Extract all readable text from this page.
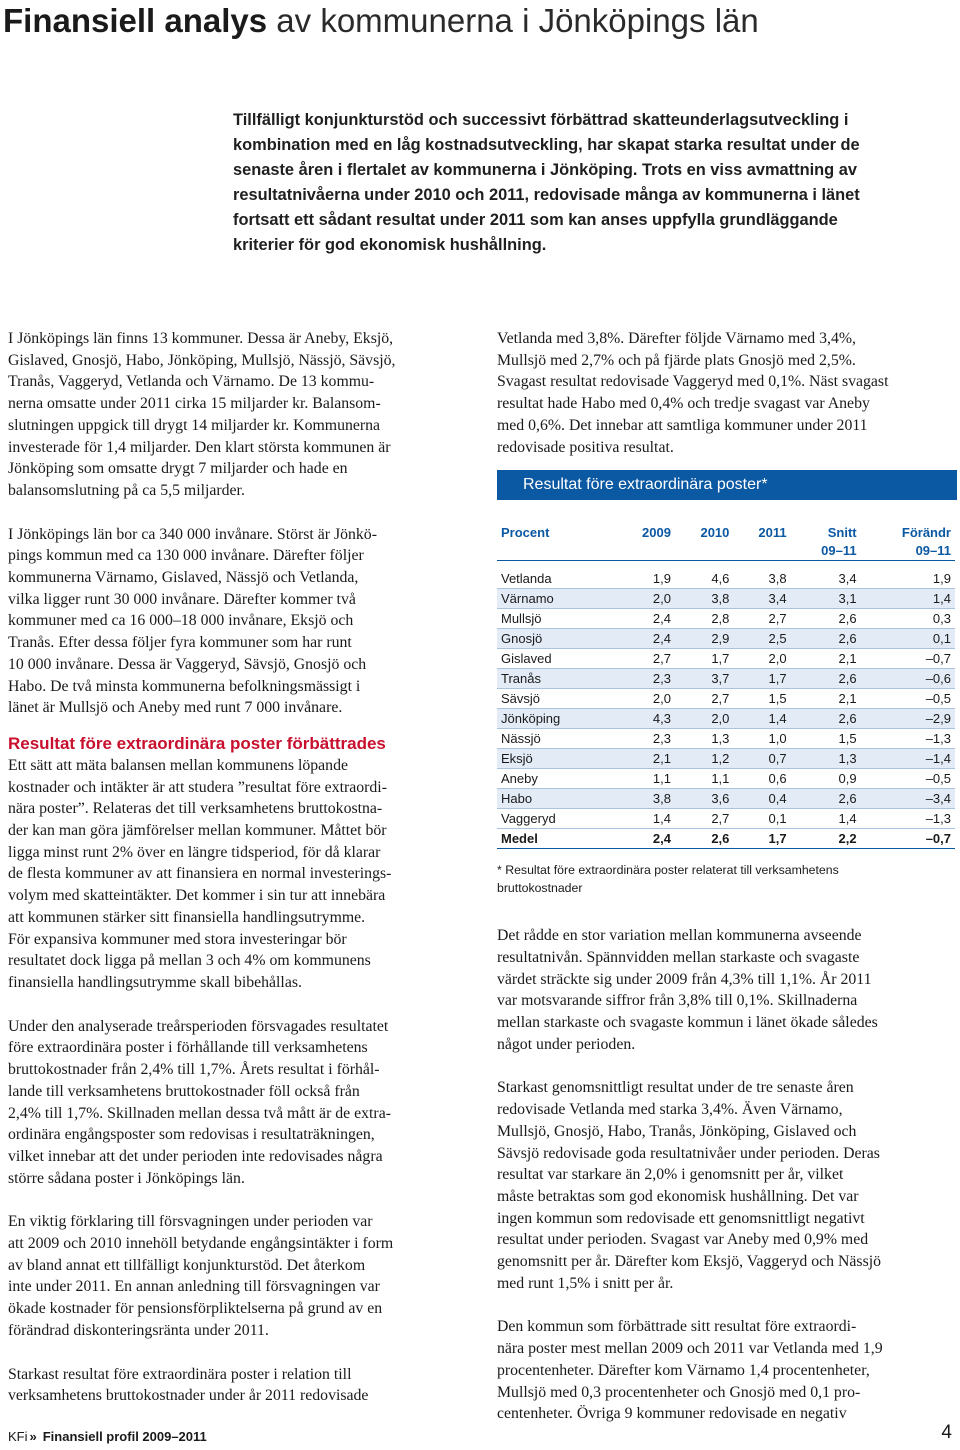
Finansiell analys av kommunerna i Jönköpings län

Tillfälligt konjunkturstöd och successivt förbättrad skatteunderlagsutveckling i
kombination med en låg kostnadsutveckling, har skapat starka resultat under de
senaste åren i flertalet av kommunerna i Jönköping. Trots en viss avmattning av
resultatnivåerna under 2010 och 2011, redovisade många av kommunerna i länet
fortsatt ett sådant resultat under 2011 som kan anses uppfylla grundläggande
kriterier för god ekonomisk hushållning.

I Jönköpings län finns 13 kommuner. Dessa är Aneby, Eksjö,
Gislaved, Gnosjö, Habo, Jönköping, Mullsjö, Nässjö, Sävsjö,
Tranås, Vaggeryd, Vetlanda och Värnamo. De 13 kommu-
nerna omsatte under 2011 cirka 15 miljarder kr. Balansom-
slutningen uppgick till drygt 14 miljarder kr. Kommunerna
investerade för 1,4 miljarder. Den klart största kommunen är
Jönköping som omsatte drygt 7 miljarder och hade en
balansomslutning på ca 5,5 miljarder.
I Jönköpings län bor ca 340 000 invånare. Störst är Jönkö-
pings kommun med ca 130 000 invånare. Därefter följer
kommunerna Värnamo, Gislaved, Nässjö och Vetlanda,
vilka ligger runt 30 000 invånare. Därefter kommer två
kommuner med ca 16 000–18 000 invånare, Eksjö och
Tranås. Efter dessa följer fyra kommuner som har runt
10 000 invånare. Dessa är Vaggeryd, Sävsjö, Gnosjö och
Habo. De två minsta kommunerna befolkningsmässigt i
länet är Mullsjö och Aneby med runt 7 000 invånare.
Resultat före extraordinära poster förbättrades
Ett sätt att mäta balansen mellan kommunens löpande
kostnader och intäkter är att studera ”resultat före extraordi-
nära poster”. Relateras det till verksamhetens bruttokostna-
der kan man göra jämförelser mellan kommuner. Måttet bör
ligga minst runt 2% över en längre tidsperiod, för då klarar
de flesta kommuner av att finansiera en normal investerings-
volym med skatteintäkter. Det kommer i sin tur att innebära
att kommunen stärker sitt finansiella handlingsutrymme.
För expansiva kommuner med stora investeringar bör
resultatet dock ligga på mellan 3 och 4% om kommunens
finansiella handlingsutrymme skall bibehållas.
Under den analyserade treårsperioden försvagades resultatet
före extraordinära poster i förhållande till verksamhetens
bruttokostnader från 2,4% till 1,7%. Årets resultat i förhål-
lande till verksamhetens bruttokostnader föll också från
2,4% till 1,7%. Skillnaden mellan dessa två mått är de extra-
ordinära engångsposter som redovisas i resultaträkningen,
vilket innebar att det under perioden inte redovisades några
större sådana poster i Jönköpings län.
En viktig förklaring till försvagningen under perioden var
att 2009 och 2010 innehöll betydande engångsintäkter i form
av bland annat ett tillfälligt konjunkturstöd. Det återkom
inte under 2011. En annan anledning till försvagningen var
ökade kostnader för pensionsförpliktelserna på grund av en
förändrad diskonteringsränta under 2011.
Starkast resultat före extraordinära poster i relation till
verksamhetens bruttokostnader under år 2011 redovisade
Vetlanda med 3,8%. Därefter följde Värnamo med 3,4%,
Mullsjö med 2,7% och på fjärde plats Gnosjö med 2,5%.
Svagast resultat redovisade Vaggeryd med 0,1%. Näst svagast
resultat hade Habo med 0,4% och tredje svagast var Aneby
med 0,6%. Det innebar att samtliga kommuner under 2011
redovisade positiva resultat.
Resultat före extraordinära poster*
Procent	2009	2010	2011	Snitt	Förändr
				09–11	09–11

Vetlanda	1,9	4,6	3,8	3,4	1,9
Värnamo	2,0	3,8	3,4	3,1	1,4
Mullsjö	2,4	2,8	2,7	2,6	0,3
Gnosjö	2,4	2,9	2,5	2,6	0,1
Gislaved	2,7	1,7	2,0	2,1	–0,7
Tranås	2,3	3,7	1,7	2,6	–0,6
Sävsjö	2,0	2,7	1,5	2,1	–0,5
Jönköping	4,3	2,0	1,4	2,6	–2,9
Nässjö	2,3	1,3	1,0	1,5	–1,3
Eksjö	2,1	1,2	0,7	1,3	–1,4
Aneby	1,1	1,1	0,6	0,9	–0,5
Habo	3,8	3,6	0,4	2,6	–3,4
Vaggeryd	1,4	2,7	0,1	1,4	–1,3
Medel	2,4	2,6	1,7	2,2	–0,7
* Resultat före extraordinära poster relaterat till verksamhetens
bruttokostnader
Det rådde en stor variation mellan kommunerna avseende
resultatnivån. Spännvidden mellan starkaste och svagaste
värdet sträckte sig under 2009 från 4,3% till 1,1%. År 2011
var motsvarande siffror från 3,8% till 0,1%. Skillnaderna
mellan starkaste och svagaste kommun i länet ökade således
något under perioden.
Starkast genomsnittligt resultat under de tre senaste åren
redovisade Vetlanda med starka 3,4%. Även Värnamo,
Mullsjö, Gnosjö, Habo, Tranås, Jönköping, Gislaved och
Sävsjö redovisade goda resultatnivåer under perioden. Deras
resultat var starkare än 2,0% i genomsnitt per år, vilket
måste betraktas som god ekonomisk hushållning. Det var
ingen kommun som redovisade ett genomsnittligt negativt
resultat under perioden. Svagast var Aneby med 0,9% med
genomsnitt per år. Därefter kom Eksjö, Vaggeryd och Nässjö
med runt 1,5% i snitt per år.
Den kommun som förbättrade sitt resultat före extraordi-
nära poster mest mellan 2009 och 2011 var Vetlanda med 1,9
procentenheter. Därefter kom Värnamo 1,4 procentenheter,
Mullsjö med 0,3 procentenheter och Gnosjö med 0,1 pro-
centenheter. Övriga 9 kommuner redovisade en negativ
KFi » Finansiell profil 2009–2011	4
